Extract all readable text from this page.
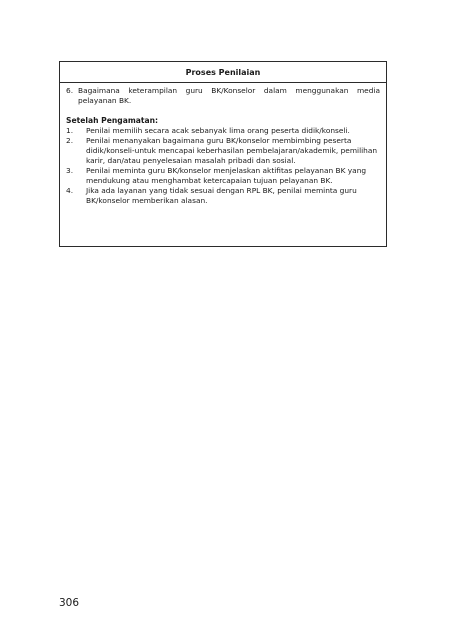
Proses Penilaian
6. Bagaimana keterampilan guru BK/Konselor dalam menggunakan media pelayanan BK.
Setelah Pengamatan:
1.	Penilai memilih secara acak sebanyak lima orang peserta didik/konseli.
2.	Penilai menanyakan bagaimana guru BK/konselor membimbing peserta didik/konseli-untuk mencapai keberhasilan pembelajaran/akademik, pemilihan karir, dan/atau penyelesaian masalah pribadi dan sosial.
3.	Penilai meminta guru BK/konselor menjelaskan aktifitas pelayanan BK yang mendukung atau menghambat ketercapaian tujuan pelayanan BK.
4.	Jika ada layanan yang tidak sesuai dengan RPL BK, penilai meminta guru BK/konselor memberikan alasan.
306
